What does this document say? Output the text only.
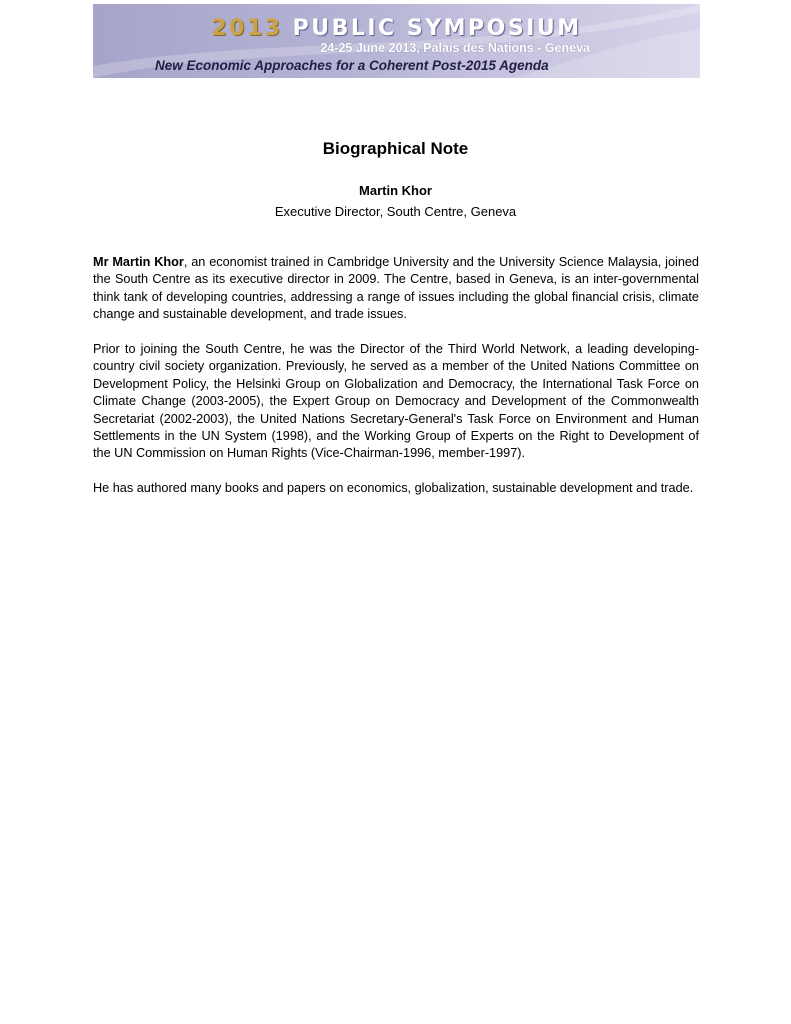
2013 PUBLIC SYMPOSIUM
24-25 June 2013, Palais des Nations - Geneva
New Economic Approaches for a Coherent Post-2015 Agenda
Biographical Note
Martin Khor
Executive Director, South Centre, Geneva

Mr Martin Khor, an economist trained in Cambridge University and the University Science Malaysia, joined the South Centre as its executive director in 2009. The Centre, based in Geneva, is an inter-governmental think tank of developing countries, addressing a range of issues including the global financial crisis, climate change and sustainable development, and trade issues.

Prior to joining the South Centre, he was the Director of the Third World Network, a leading developing-country civil society organization. Previously, he served as a member of the United Nations Committee on Development Policy, the Helsinki Group on Globalization and Democracy, the International Task Force on Climate Change (2003-2005), the Expert Group on Democracy and Development of the Commonwealth Secretariat (2002-2003), the United Nations Secretary-General's Task Force on Environment and Human Settlements in the UN System (1998), and the Working Group of Experts on the Right to Development of the UN Commission on Human Rights (Vice-Chairman-1996, member-1997).

He has authored many books and papers on economics, globalization, sustainable development and trade.
